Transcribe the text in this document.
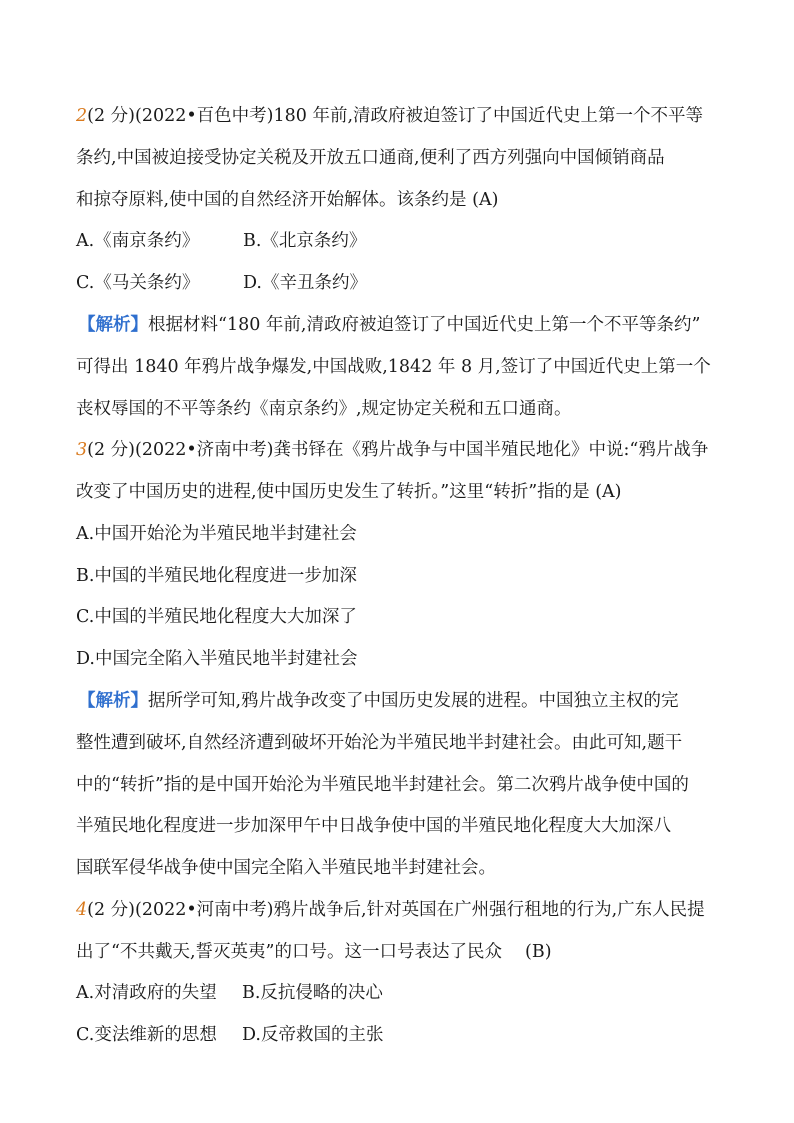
2(2 分)(2022•百色中考)180 年前,清政府被迫签订了中国近代史上第一个不平等
条约,中国被迫接受协定关税及开放五口通商,便利了西方列强向中国倾销商品
和掠夺原料,使中国的自然经济开始解体。该条约是 (A)
A.《南京条约》	B.《北京条约》
C.《马关条约》 D.《辛丑条约》
【解析】根据材料“180 年前,清政府被迫签订了中国近代史上第一个不平等条约”
可得出 1840 年鸦片战争爆发,中国战败,1842 年 8 月,签订了中国近代史上第一个
丧权辱国的不平等条约《南京条约》,规定协定关税和五口通商。
3(2 分)(2022•济南中考)龚书铎在《鸦片战争与中国半殖民地化》中说:“鸦片战争
改变了中国历史的进程,使中国历史发生了转折。”这里“转折”指的是 (A)
A.中国开始沦为半殖民地半封建社会
B.中国的半殖民地化程度进一步加深
C.中国的半殖民地化程度大大加深了
D.中国完全陷入半殖民地半封建社会
【解析】据所学可知,鸦片战争改变了中国历史发展的进程。中国独立主权的完
整性遭到破坏,自然经济遭到破坏开始沦为半殖民地半封建社会。由此可知,题干
中的“转折”指的是中国开始沦为半殖民地半封建社会。第二次鸦片战争使中国的
半殖民地化程度进一步加深甲午中日战争使中国的半殖民地化程度大大加深八
国联军侵华战争使中国完全陷入半殖民地半封建社会。
4(2 分)(2022•河南中考)鸦片战争后,针对英国在广州强行租地的行为,广东人民提
出了“不共戴天,誓灭英夷”的口号。这一口号表达了民众　 (B)
A.对清政府的失望 B.反抗侵略的决心
C.变法维新的思想 D.反帝救国的主张
